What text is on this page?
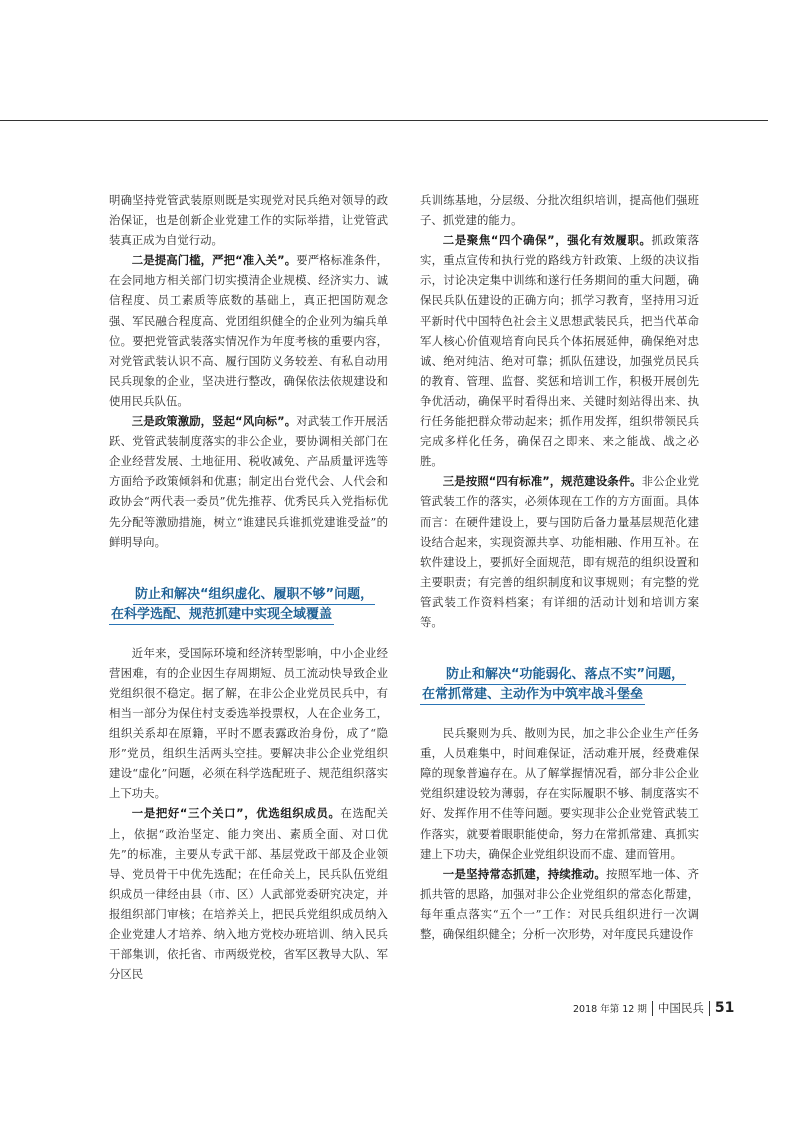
明确坚持党管武装原则既是实现党对民兵绝对领导的政治保证，也是创新企业党建工作的实际举措，让党管武装真正成为自觉行动。

二是提高门槛，严把“准入关”。要严格标准条件，在会同地方相关部门切实摸清企业规模、经济实力、诚信程度、员工素质等底数的基础上，真正把国防观念强、军民融合程度高、党团组织健全的企业列为编兵单位。要把党管武装落实情况作为年度考核的重要内容，对党管武装认识不高、履行国防义务较差、有私自动用民兵现象的企业，坚决进行整改，确保依法依规建设和使用民兵队伍。

三是政策激励，竖起“风向标”。对武装工作开展活跃、党管武装制度落实的非公企业，要协调相关部门在企业经营发展、土地征用、税收减免、产品质量评选等方面给予政策倾斜和优惠；制定出台党代会、人代会和政协会“两代表一委员”优先推荐、优秀民兵入党指标优先分配等激励措施，树立“谁建民兵谁抓党建谁受益”的鲜明导向。

防止和解决“组织虚化、履职不够”问题，
在科学选配、规范抓建中实现全域覆盖

近年来，受国际环境和经济转型影响，中小企业经营困难，有的企业因生存周期短、员工流动快导致企业党组织很不稳定。据了解，在非公企业党员民兵中，有相当一部分为保住村支委选举投票权，人在企业务工，组织关系却在原籍，平时不愿表露政治身份，成了“隐形”党员，组织生活两头空挂。要解决非公企业党组织建设“虚化”问题，必须在科学选配班子、规范组织落实上下功夫。

一是把好“三个关口”，优选组织成员。在选配关上，依据“政治坚定、能力突出、素质全面、对口优先”的标准，主要从专武干部、基层党政干部及企业领导、党员骨干中优先选配；在任命关上，民兵队伍党组织成员一律经由县（市、区）人武部党委研究决定，并报组织部门审核；在培养关上，把民兵党组织成员纳入企业党建人才培养、纳入地方党校办班培训、纳入民兵干部集训，依托省、市两级党校，省军区教导大队、军分区民

兵训练基地，分层级、分批次组织培训，提高他们强班子、抓党建的能力。

二是聚焦“四个确保”，强化有效履职。抓政策落实，重点宣传和执行党的路线方针政策、上级的决议指示，讨论决定集中训练和遂行任务期间的重大问题，确保民兵队伍建设的正确方向；抓学习教育，坚持用习近平新时代中国特色社会主义思想武装民兵，把当代革命军人核心价值观培育向民兵个体拓展延伸，确保绝对忠诚、绝对纯洁、绝对可靠；抓队伍建设，加强党员民兵的教育、管理、监督、奖惩和培训工作，积极开展创先争优活动，确保平时看得出来、关键时刻站得出来、执行任务能把群众带动起来；抓作用发挥，组织带领民兵完成多样化任务，确保召之即来、来之能战、战之必胜。

三是按照“四有标准”，规范建设条件。非公企业党管武装工作的落实，必须体现在工作的方方面面。具体而言：在硬件建设上，要与国防后备力量基层规范化建设结合起来，实现资源共享、功能相融、作用互补。在软件建设上，要抓好全面规范，即有规范的组织设置和主要职责；有完善的组织制度和议事规则；有完整的党管武装工作资料档案；有详细的活动计划和培训方案等。

防止和解决“功能弱化、落点不实”问题，
在常抓常建、主动作为中筑牢战斗堡垒

民兵聚则为兵、散则为民，加之非公企业生产任务重，人员难集中，时间难保证，活动难开展，经费难保障的现象普遍存在。从了解掌握情况看，部分非公企业党组织建设较为薄弱，存在实际履职不够、制度落实不好、发挥作用不佳等问题。要实现非公企业党管武装工作落实，就要着眼职能使命，努力在常抓常建、真抓实建上下功夫，确保企业党组织设而不虚、建而管用。

一是坚持常态抓建，持续推动。按照军地一体、齐抓共管的思路，加强对非公企业党组织的常态化帮建，每年重点落实“五个一”工作：对民兵组织进行一次调整，确保组织健全；分析一次形势，对年度民兵建设作

2018 年第 12 期 中国民兵 51
